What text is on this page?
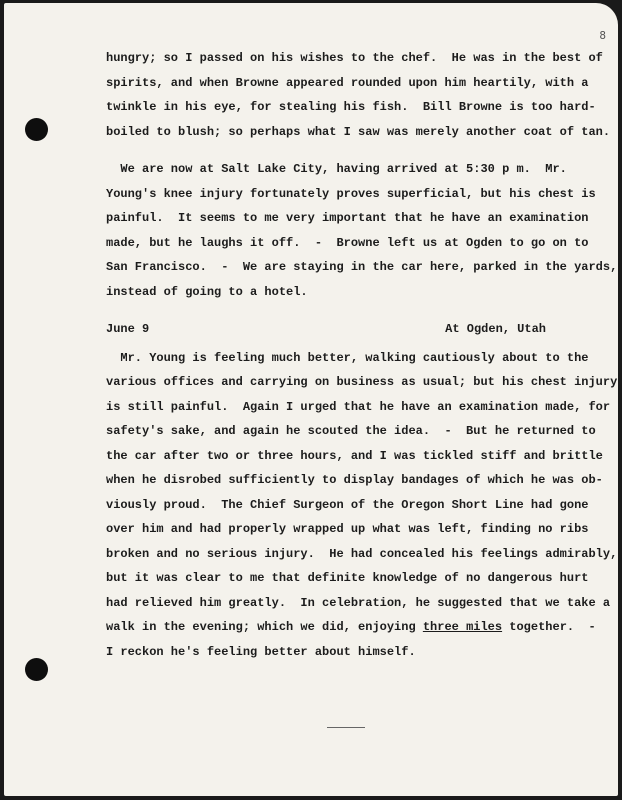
8
hungry; so I passed on his wishes to the chef.  He was in the best of
spirits, and when Browne appeared rounded upon him heartily, with a
twinkle in his eye, for stealing his fish.  Bill Browne is too hard-
boiled to blush; so perhaps what I saw was merely another coat of tan.
We are now at Salt Lake City, having arrived at 5:30 p m.  Mr.
Young's knee injury fortunately proves superficial, but his chest is
painful.  It seems to me very important that he have an examination
made, but he laughs it off.  -  Browne left us at Ogden to go on to
San Francisco.  -  We are staying in the car here, parked in the yards,
instead of going to a hotel.
June 9	At Ogden, Utah
Mr. Young is feeling much better, walking cautiously about to the
various offices and carrying on business as usual; but his chest injury
is still painful.  Again I urged that he have an examination made, for
safety's sake, and again he scouted the idea.  -  But he returned to
the car after two or three hours, and I was tickled stiff and brittle
when he disrobed sufficiently to display bandages of which he was ob-
viously proud.  The Chief Surgeon of the Oregon Short Line had gone
over him and had properly wrapped up what was left, finding no ribs
broken and no serious injury.  He had concealed his feelings admirably,
but it was clear to me that definite knowledge of no dangerous hurt
had relieved him greatly.  In celebration, he suggested that we take a
walk in the evening; which we did, enjoying three miles together.  -
I reckon he's feeling better about himself.
